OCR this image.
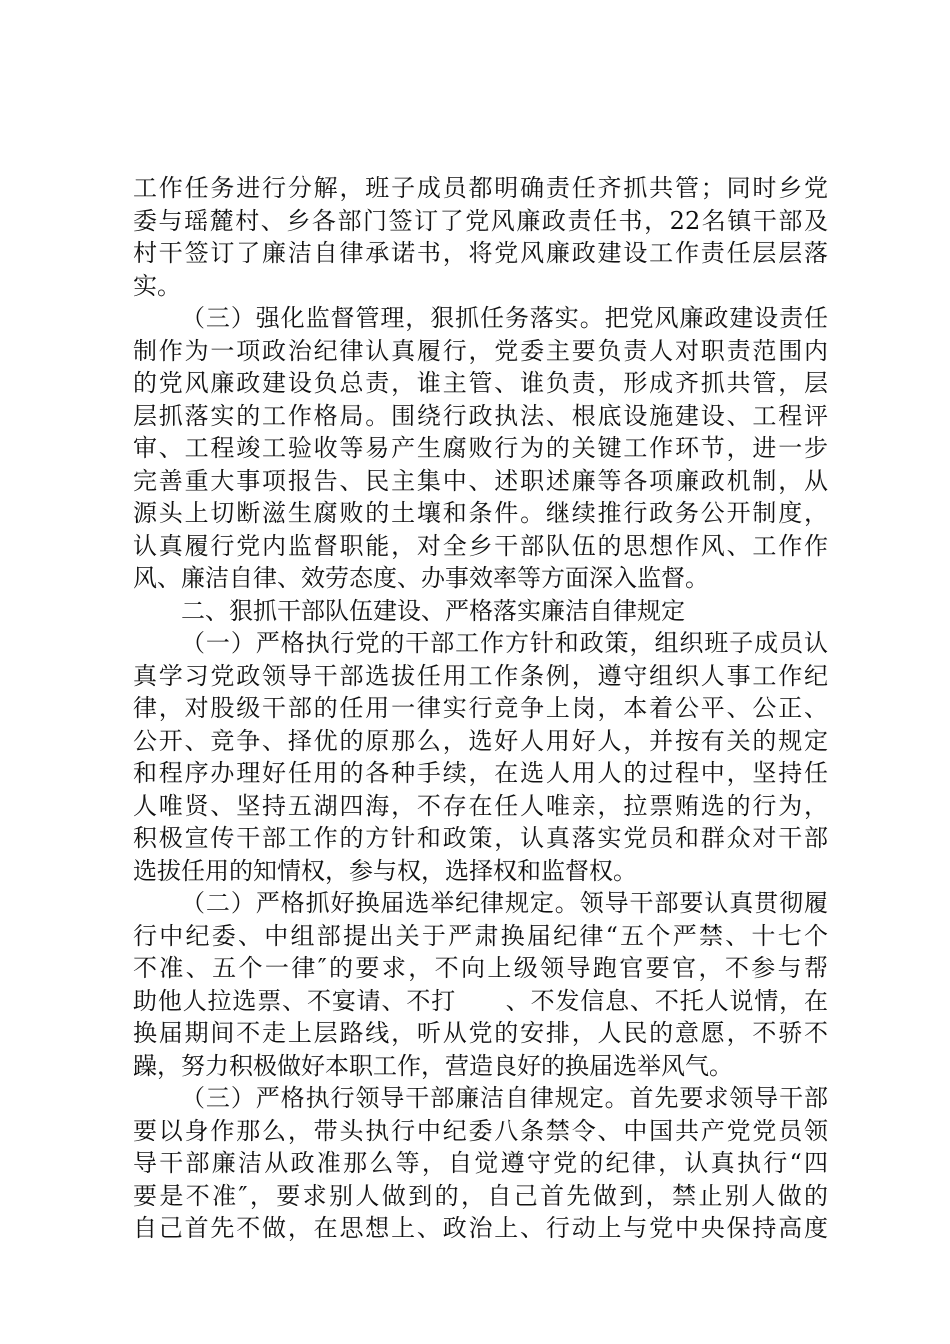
工作任务进行分解，班子成员都明确责任齐抓共管；同时乡党
委与瑶麓村、乡各部门签订了党风廉政责任书，22名镇干部及
村干签订了廉洁自律承诺书，将党风廉政建设工作责任层层落
实。
（三）强化监督管理，狠抓任务落实。把党风廉政建设责任
制作为一项政治纪律认真履行，党委主要负责人对职责范围内
的党风廉政建设负总责，谁主管、谁负责，形成齐抓共管，层
层抓落实的工作格局。围绕行政执法、根底设施建设、工程评
审、工程竣工验收等易产生腐败行为的关键工作环节，进一步
完善重大事项报告、民主集中、述职述廉等各项廉政机制，从
源头上切断滋生腐败的土壤和条件。继续推行政务公开制度，
认真履行党内监督职能，对全乡干部队伍的思想作风、工作作
风、廉洁自律、效劳态度、办事效率等方面深入监督。
二、狠抓干部队伍建设、严格落实廉洁自律规定
（一）严格执行党的干部工作方针和政策，组织班子成员认
真学习党政领导干部选拔任用工作条例，遵守组织人事工作纪
律，对股级干部的任用一律实行竞争上岗，本着公平、公正、
公开、竞争、择优的原那么，选好人用好人，并按有关的规定
和程序办理好任用的各种手续，在选人用人的过程中，坚持任
人唯贤、坚持五湖四海，不存在任人唯亲，拉票贿选的行为，
积极宣传干部工作的方针和政策，认真落实党员和群众对干部
选拔任用的知情权，参与权，选择权和监督权。
（二）严格抓好换届选举纪律规定。领导干部要认真贯彻履
行中纪委、中组部提出关于严肃换届纪律“五个严禁、十七个
不准、五个一律″的要求，不向上级领导跑官要官，不参与帮
助他人拉选票、不宴请、不打　　、不发信息、不托人说情，在
换届期间不走上层路线，听从党的安排，人民的意愿，不骄不
躁，努力积极做好本职工作，营造良好的换届选举风气。
（三）严格执行领导干部廉洁自律规定。首先要求领导干部
要以身作那么，带头执行中纪委八条禁令、中国共产党党员领
导干部廉洁从政准那么等，自觉遵守党的纪律，认真执行“四
要是不准″，要求别人做到的，自己首先做到，禁止别人做的
自己首先不做，在思想上、政治上、行动上与党中央保持高度
